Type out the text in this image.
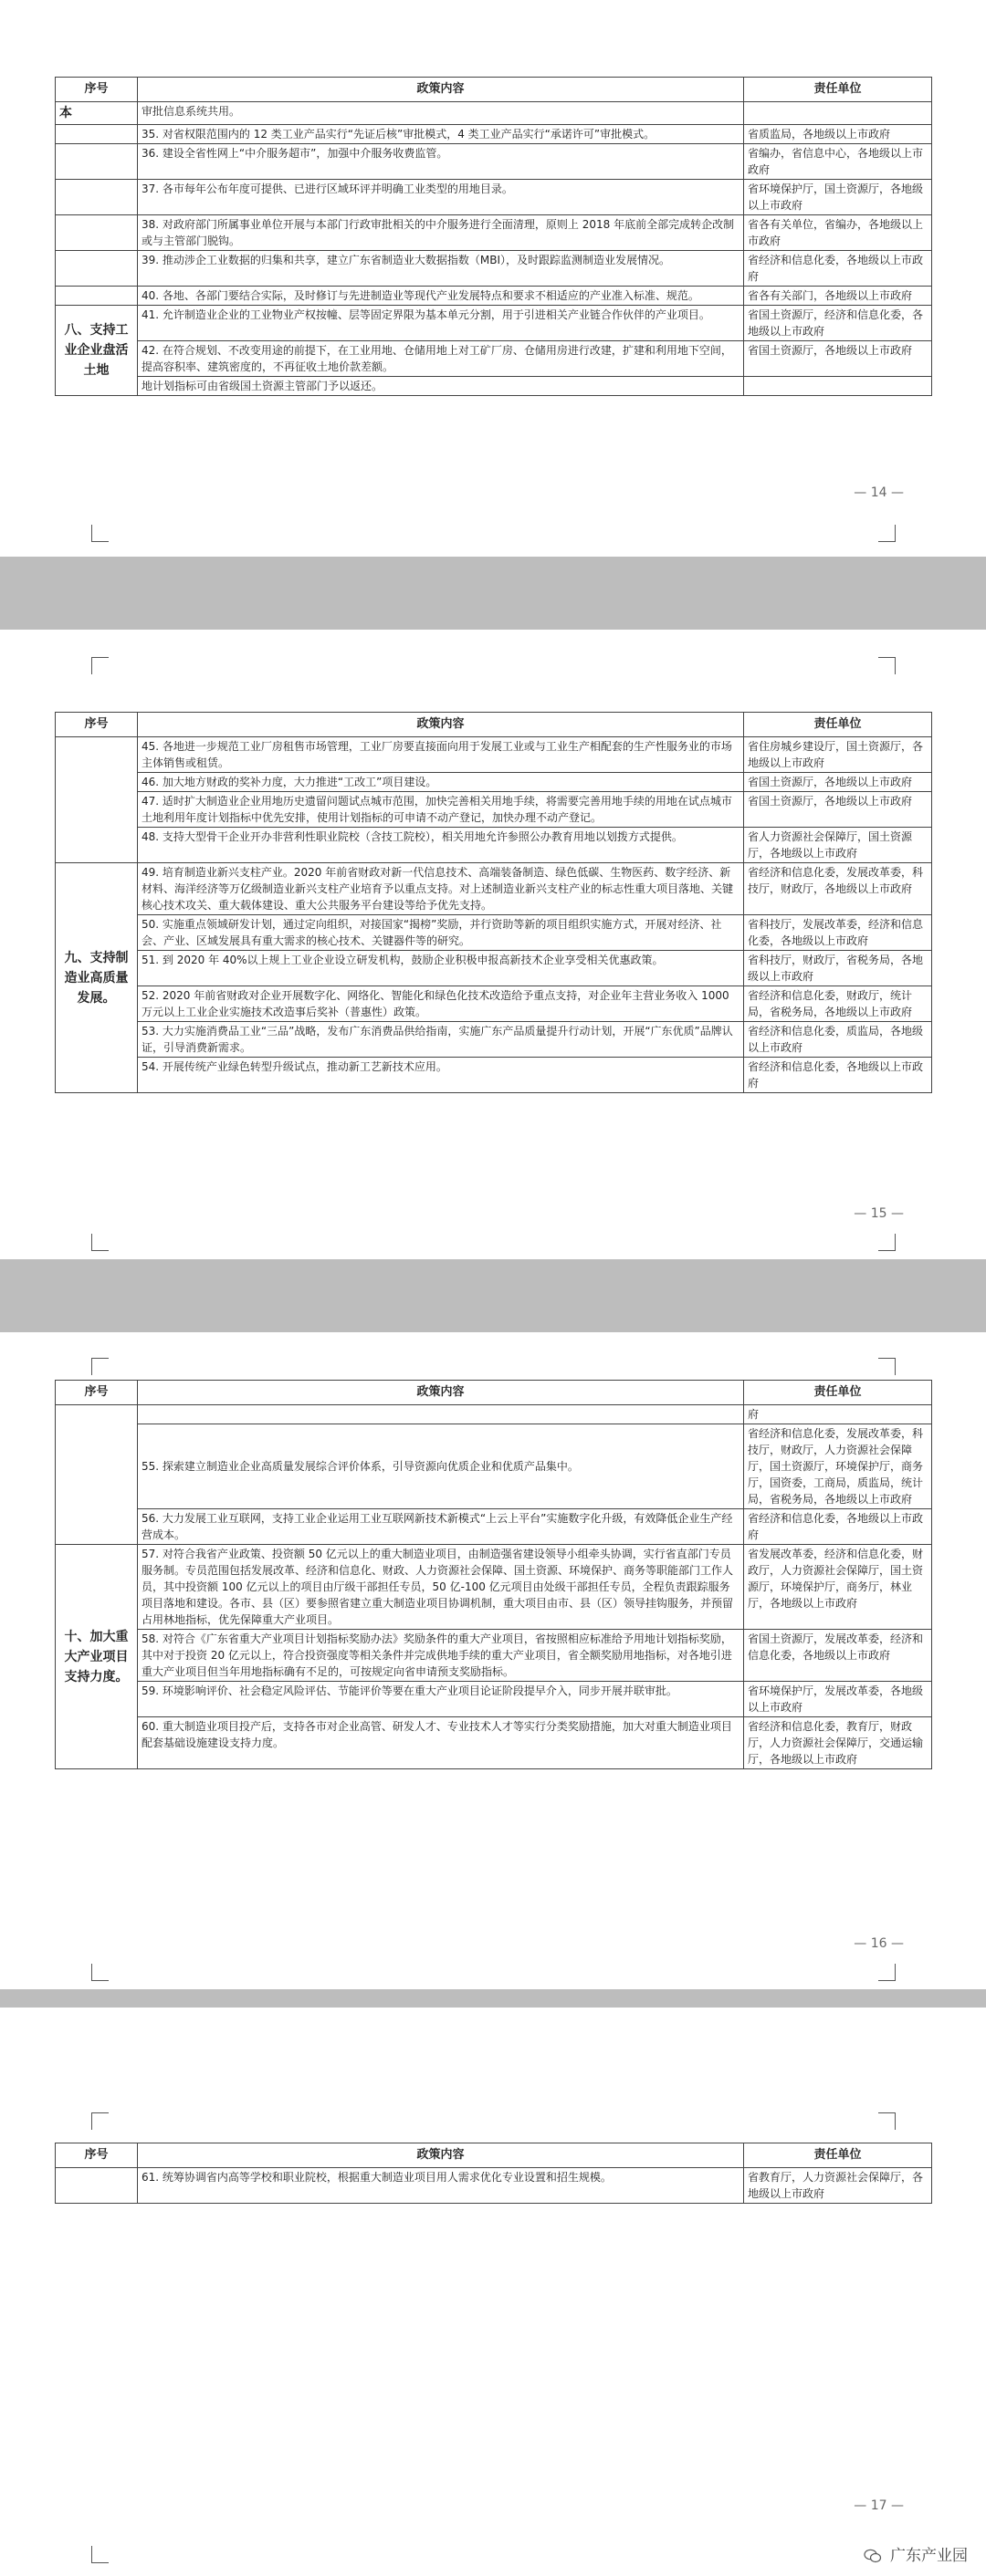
序号	政策内容	责任单位
本	审批信息系统共用。	
	35. 对省权限范围内的 12 类工业产品实行“先证后核”审批模式，4 类工业产品实行“承诺许可”审批模式。	省质监局，各地级以上市政府
	36. 建设全省性网上“中介服务超市”，加强中介服务收费监管。	省编办，省信息中心，各地级以上市政府
	37. 各市每年公布年度可提供、已进行区域环评并明确工业类型的用地目录。	省环境保护厅，国土资源厅，各地级以上市政府
	38. 对政府部门所属事业单位开展与本部门行政审批相关的中介服务进行全面清理，原则上 2018 年底前全部完成转企改制或与主管部门脱钩。	省各有关单位，省编办，各地级以上市政府
	39. 推动涉企工业数据的归集和共享，建立广东省制造业大数据指数（MBI），及时跟踪监测制造业发展情况。	省经济和信息化委，各地级以上市政府
	40. 各地、各部门要结合实际，及时修订与先进制造业等现代产业发展特点和要求不相适应的产业准入标准、规范。	省各有关部门，各地级以上市政府
八、支持工业企业盘活土地	41. 允许制造业企业的工业物业产权按幢、层等固定界限为基本单元分割，用于引进相关产业链合作伙伴的产业项目。	省国土资源厅，经济和信息化委，各地级以上市政府
	42. 在符合规划、不改变用途的前提下，在工业用地、仓储用地上对工矿厂房、仓储用房进行改建，扩建和利用地下空间，提高容积率、建筑密度的，不再征收土地价款差额。	省国土资源厅，各地级以上市政府
	地计划指标可由省级国土资源主管部门予以返还。	
— 14 —
序号	政策内容	责任单位
	45. 各地进一步规范工业厂房租售市场管理，工业厂房要直接面向用于发展工业或与工业生产相配套的生产性服务业的市场主体销售或租赁。	省住房城乡建设厅，国土资源厅，各地级以上市政府
	46. 加大地方财政的奖补力度，大力推进“工改工”项目建设。	省国土资源厅，各地级以上市政府
	47. 适时扩大制造业企业用地历史遗留问题试点城市范围，加快完善相关用地手续，将需要完善用地手续的用地在试点城市土地利用年度计划指标中优先安排，使用计划指标的可申请不动产登记，加快办理不动产登记。	省国土资源厅，各地级以上市政府
	48. 支持大型骨干企业开办非营利性职业院校（含技工院校），相关用地允许参照公办教育用地以划拨方式提供。	省人力资源社会保障厅，国土资源厅，各地级以上市政府
九、支持制造业高质量发展。	49. 培育制造业新兴支柱产业。2020 年前省财政对新一代信息技术、高端装备制造、绿色低碳、生物医药、数字经济、新材料、海洋经济等万亿级制造业新兴支柱产业培育予以重点支持。对上述制造业新兴支柱产业的标志性重大项目落地、关键核心技术攻关、重大载体建设、重大公共服务平台建设等给予优先支持。	省经济和信息化委，发展改革委，科技厅，财政厅，各地级以上市政府
	50. 实施重点领域研发计划，通过定向组织，对接国家“揭榜”奖励，并行资助等新的项目组织实施方式，开展对经济、社会、产业、区域发展具有重大需求的核心技术、关键器件等的研究。	省科技厅，发展改革委，经济和信息化委，各地级以上市政府
	51. 到 2020 年 40%以上规上工业企业设立研发机构，鼓励企业积极申报高新技术企业享受相关优惠政策。	省科技厅，财政厅，省税务局，各地级以上市政府
	52. 2020 年前省财政对企业开展数字化、网络化、智能化和绿色化技术改造给予重点支持，对企业年主营业务收入 1000 万元以上工业企业实施技术改造事后奖补（普惠性）政策。	省经济和信息化委，财政厅，统计局，省税务局，各地级以上市政府
	53. 大力实施消费品工业“三品”战略，发布广东消费品供给指南，实施广东产品质量提升行动计划，开展“广东优质”品牌认证，引导消费新需求。	省经济和信息化委，质监局，各地级以上市政府
	54. 开展传统产业绿色转型升级试点，推动新工艺新技术应用。	省经济和信息化委，各地级以上市政府
— 15 —
序号	政策内容	责任单位
		府
	55. 探索建立制造业企业高质量发展综合评价体系，引导资源向优质企业和优质产品集中。	省经济和信息化委，发展改革委，科技厅，财政厅，人力资源社会保障厅，国土资源厅，环境保护厅，商务厅，国资委，工商局，质监局，统计局，省税务局，各地级以上市政府
	56. 大力发展工业互联网，支持工业企业运用工业互联网新技术新模式“上云上平台”实施数字化升级，有效降低企业生产经营成本。	省经济和信息化委，各地级以上市政府
十、加大重大产业项目支持力度。	57. 对符合我省产业政策、投资额 50 亿元以上的重大制造业项目，由制造强省建设领导小组牵头协调，实行省直部门专员服务制。专员范围包括发展改革、经济和信息化、财政、人力资源社会保障、国土资源、环境保护、商务等职能部门工作人员，其中投资额 100 亿元以上的项目由厅级干部担任专员，50 亿-100 亿元项目由处级干部担任专员，全程负责跟踪服务项目落地和建设。各市、县（区）要参照省建立重大制造业项目协调机制，重大项目由市、县（区）领导挂钩服务，并预留占用林地指标，优先保障重大产业项目。	省发展改革委，经济和信息化委，财政厅，人力资源社会保障厅，国土资源厅，环境保护厅，商务厅，林业厅，各地级以上市政府
	58. 对符合《广东省重大产业项目计划指标奖励办法》奖励条件的重大产业项目，省按照相应标准给予用地计划指标奖励，其中对于投资 20 亿元以上，符合投资强度等相关条件并完成供地手续的重大产业项目，省全额奖励用地指标，对各地引进重大产业项目但当年用地指标确有不足的，可按规定向省申请预支奖励指标。	省国土资源厅，发展改革委，经济和信息化委，各地级以上市政府
	59. 环境影响评价、社会稳定风险评估、节能评价等要在重大产业项目论证阶段提早介入，同步开展并联审批。	省环境保护厅，发展改革委，各地级以上市政府
	60. 重大制造业项目投产后，支持各市对企业高管、研发人才、专业技术人才等实行分类奖励措施，加大对重大制造业项目配套基础设施建设支持力度。	省经济和信息化委，教育厅，财政厅，人力资源社会保障厅，交通运输厅，各地级以上市政府
— 16 —
序号	政策内容	责任单位
	61. 统筹协调省内高等学校和职业院校，根据重大制造业项目用人需求优化专业设置和招生规模。	省教育厅，人力资源社会保障厅，各地级以上市政府
— 17 —
广东产业园
